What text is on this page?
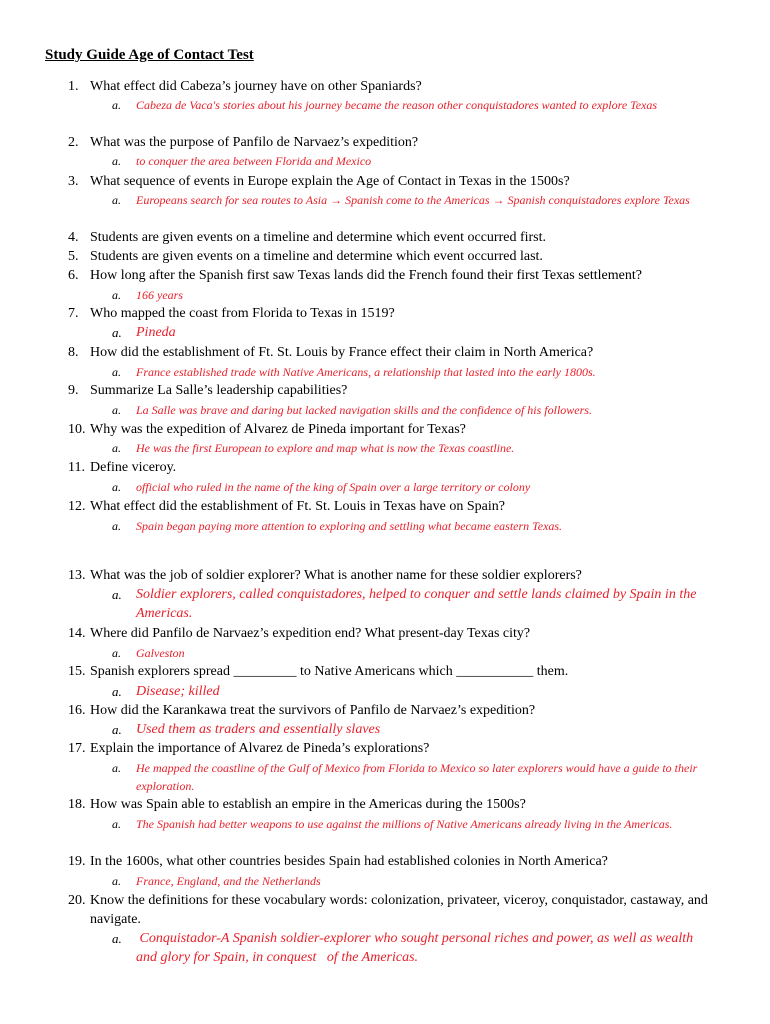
Study Guide Age of Contact Test
1. What effect did Cabeza’s journey have on other Spaniards?
a. Cabeza de Vaca's stories about his journey became the reason other conquistadores wanted to explore Texas
2. What was the purpose of Panfilo de Narvaez’s expedition?
a. to conquer the area between Florida and Mexico
3. What sequence of events in Europe explain the Age of Contact in Texas in the 1500s?
a. Europeans search for sea routes to Asia → Spanish come to the Americas → Spanish conquistadores explore Texas
4. Students are given events on a timeline and determine which event occurred first.
5. Students are given events on a timeline and determine which event occurred last.
6. How long after the Spanish first saw Texas lands did the French found their first Texas settlement?
a. 166 years
7. Who mapped the coast from Florida to Texas in 1519?
a. Pineda
8. How did the establishment of Ft. St. Louis by France effect their claim in North America?
a. France established trade with Native Americans, a relationship that lasted into the early 1800s.
9. Summarize La Salle’s leadership capabilities?
a. La Salle was brave and daring but lacked navigation skills and the confidence of his followers.
10. Why was the expedition of Alvarez de Pineda important for Texas?
a. He was the first European to explore and map what is now the Texas coastline.
11. Define viceroy.
a. official who ruled in the name of the king of Spain over a large territory or colony
12. What effect did the establishment of Ft. St. Louis in Texas have on Spain?
a. Spain began paying more attention to exploring and settling what became eastern Texas.
13. What was the job of soldier explorer? What is another name for these soldier explorers?
a. Soldier explorers, called conquistadores, helped to conquer and settle lands claimed by Spain in the Americas.
14. Where did Panfilo de Narvaez’s expedition end? What present-day Texas city?
a. Galveston
15. Spanish explorers spread _________ to Native Americans which ___________ them.
a. Disease; killed
16. How did the Karankawa treat the survivors of Panfilo de Narvaez’s expedition?
a. Used them as traders and essentially slaves
17. Explain the importance of Alvarez de Pineda’s explorations?
a. He mapped the coastline of the Gulf of Mexico from Florida to Mexico so later explorers would have a guide to their exploration.
18. How was Spain able to establish an empire in the Americas during the 1500s?
a. The Spanish had better weapons to use against the millions of Native Americans already living in the Americas.
19. In the 1600s, what other countries besides Spain had established colonies in North America?
a. France, England, and the Netherlands
20. Know the definitions for these vocabulary words: colonization, privateer, viceroy, conquistador, castaway, and navigate.
a. Conquistador-A Spanish soldier-explorer who sought personal riches and power, as well as wealth and glory for Spain, in conquest   of the Americas.
